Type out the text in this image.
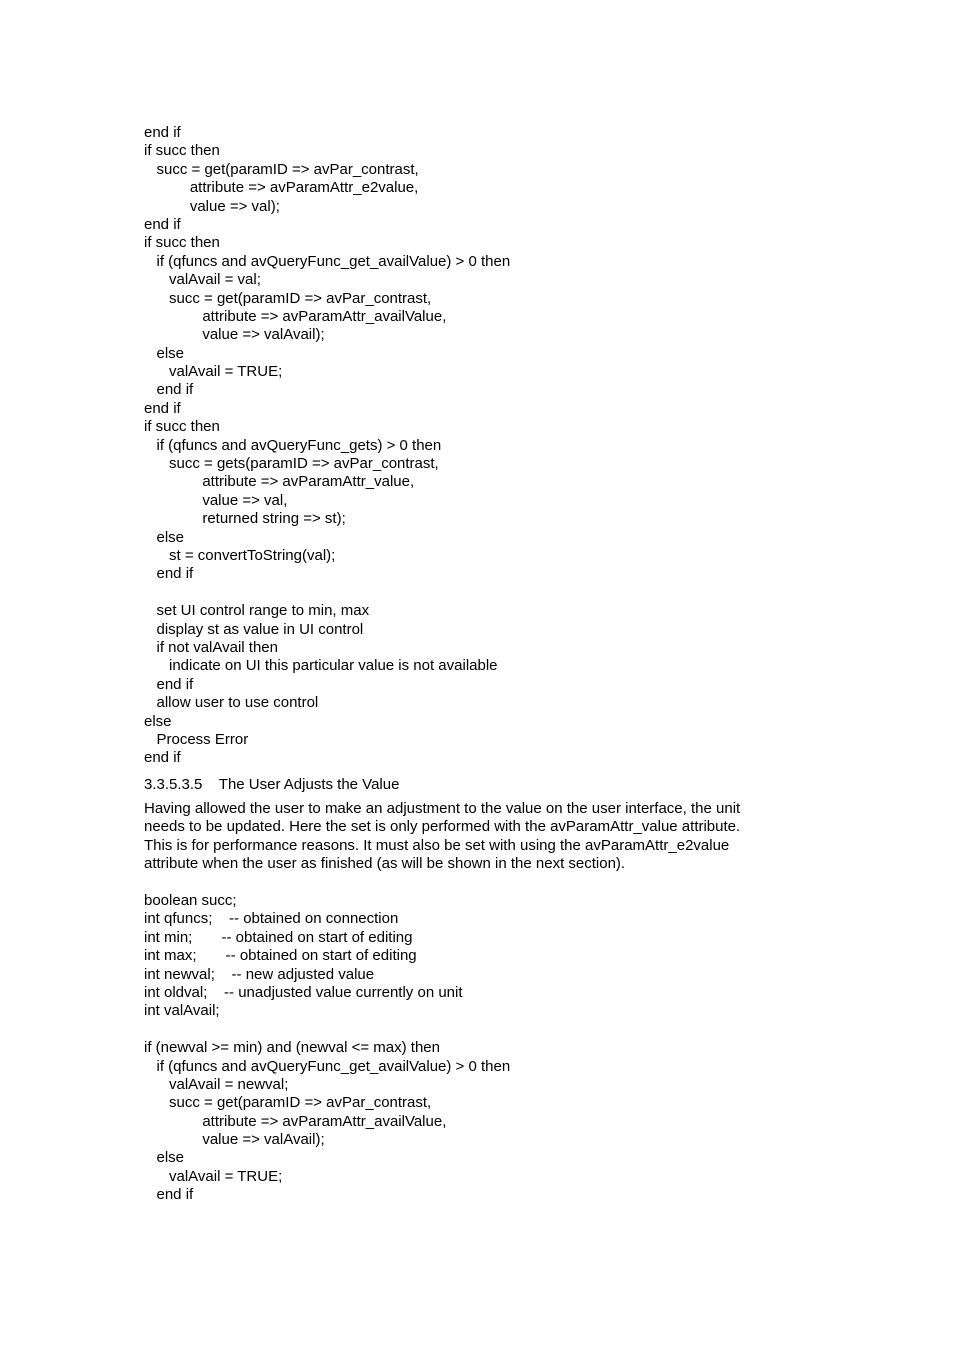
end if
if succ then
succ = get(paramID => avPar_contrast,
attribute => avParamAttr_e2value,
value => val);
end if
if succ then
if (qfuncs and avQueryFunc_get_availValue) > 0 then
valAvail = val;
succ = get(paramID => avPar_contrast,
attribute => avParamAttr_availValue,
value => valAvail);
else
valAvail = TRUE;
end if
end if
if succ then
if (qfuncs and avQueryFunc_gets) > 0 then
succ = gets(paramID => avPar_contrast,
attribute => avParamAttr_value,
value => val,
returned string => st);
else
st = convertToString(val);
end if
set UI control range to min, max
display st as value in UI control
if not valAvail then
indicate on UI this particular value is not available
end if
allow user to use control
else
Process Error
end if
3.3.5.3.5    The User Adjusts the Value
Having allowed the user to make an adjustment to the value on the user interface, the unit
needs to be updated. Here the set is only performed with the avParamAttr_value attribute.
This is for performance reasons. It must also be set with using the avParamAttr_e2value
attribute when the user as finished (as will be shown in the next section).
boolean succ;
int qfuncs;    -- obtained on connection
int min;       -- obtained on start of editing
int max;       -- obtained on start of editing
int newval;    -- new adjusted value
int oldval;    -- unadjusted value currently on unit
int valAvail;
if (newval >= min) and (newval <= max) then
if (qfuncs and avQueryFunc_get_availValue) > 0 then
valAvail = newval;
succ = get(paramID => avPar_contrast,
attribute => avParamAttr_availValue,
value => valAvail);
else
valAvail = TRUE;
end if
